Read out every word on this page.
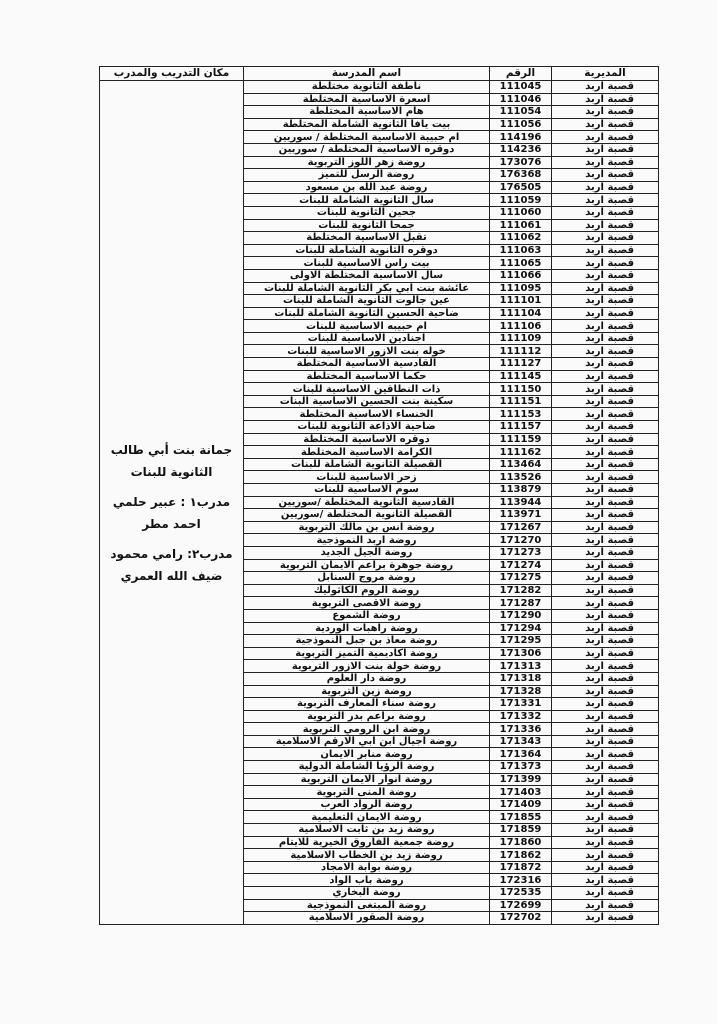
مكان التدريب والمدرب	اسم المدرسة	الرقم	المديرية

جمانة بنت أبي طالب الثانوية للبنات
مدرب١ : عبير حلمي احمد مطر
مدرب٢: رامي محمود ضيف الله العمري	ناطفة الثانوية مختلطة	111045	قصبة اربد
	اسعرة الاساسية المختلطة	111046	قصبة اربد
	هام الاساسية المختلطة	111054	قصبة اربد
	بيت يافا الثانوية الشاملة المختلطة	111056	قصبة اربد
	ام حبيبة الاساسية المختلطة / سوريين	114196	قصبة اربد
	دوقره الاساسية المختلطة / سوريين	114236	قصبة اربد
	روضة زهر اللوز التربوية	173076	قصبة اربد
	روضة الرسل للتميز	176368	قصبة اربد
	روضة عبد الله بن مسعود	176505	قصبة اربد
	سال الثانوية الشاملة للبنات	111059	قصبة اربد
	جحين الثانوية للبنات	111060	قصبة اربد
	جمحا الثانوية للبنات	111061	قصبة اربد
	تقبل الاساسية المختلطة	111062	قصبة اربد
	دوقره الثانوية الشاملة للبنات	111063	قصبة اربد
	بيت راس الاساسية للبنات	111065	قصبة اربد
	سال الاساسية المختلطة الاولى	111066	قصبة اربد
	عائشة بنت ابي بكر الثانوية الشاملة للبنات	111095	قصبة اربد
	عين جالوت الثانوية الشاملة للبنات	111101	قصبة اربد
	ضاحية الحسين الثانوية الشاملة للبنات	111104	قصبة اربد
	ام حبيبه الاساسية للبنات	111106	قصبة اربد
	اجنادين الاساسية للبنات	111109	قصبة اربد
	خوله بنت الازور الاساسية للبنات	111112	قصبة اربد
	القادسية الاساسية المختلطة	111127	قصبة اربد
	حكما الاساسية المختلطة	111145	قصبة اربد
	ذات النطاقين الاساسية للبنات	111150	قصبة اربد
	سكينة بنت الحسين الاساسية البنات	111151	قصبة اربد
	الخنساء الاساسية المختلطة	111153	قصبة اربد
	ضاحية الاذاعة الثانوية للبنات	111157	قصبة اربد
	دوقره الاساسية المختلطة	111159	قصبة اربد
	الكرامة الاساسية المختلطة	111162	قصبة اربد
	القصيلة الثانوية الشاملة للبنات	113464	قصبة اربد
	زحر الاساسية للبنات	113526	قصبة اربد
	سوم الاساسية للبنات	113879	قصبة اربد
	القادسية الثانوية المختلطة /سوريين	113944	قصبة اربد
	القصيلة الثانوية المختلطة /سوريين	113971	قصبة اربد
	روضة انس بن مالك التربوية	171267	قصبة اربد
	روضة اربد النموذجية	171270	قصبة اربد
	روضة الجيل الجديد	171273	قصبة اربد
	روضة جوهرة براعم الايمان التربوية	171274	قصبة اربد
	روضة مروج السنابل	171275	قصبة اربد
	روضة الروم الكاثوليك	171282	قصبة اربد
	روضة الاقصى التربوية	171287	قصبة اربد
	روضة الشموع	171290	قصبة اربد
	روضة راهبات الوردية	171294	قصبة اربد
	روضة معاذ بن جبل النموذجية	171295	قصبة اربد
	روضة اكاديمية التميز التربوية	171306	قصبة اربد
	روضة خولة بنت الازور التربوية	171313	قصبة اربد
	روضة دار العلوم	171318	قصبة اربد
	روضة زين التربوية	171328	قصبة اربد
	روضة سناء المعارف التربوية	171331	قصبة اربد
	روضة براعم بدر التربوية	171332	قصبة اربد
	روضة ابن الرومي التربوية	171336	قصبة اربد
	روضة اجيال ابن ابي الارقم الاسلامية	171343	قصبة اربد
	روضة منابر الايمان	171364	قصبة اربد
	روضة الرؤيا الشاملة الدولية	171373	قصبة اربد
	روضة انوار الايمان التربوية	171399	قصبة اربد
	روضة المنى التربوية	171403	قصبة اربد
	روضة الرواد العرب	171409	قصبة اربد
	روضة الايمان التعليمية	171855	قصبة اربد
	روضة زيد بن ثابت الاسلامية	171859	قصبة اربد
	روضة جمعية الفاروق الخيرية للايتام	171860	قصبة اربد
	روضة زيد بن الخطاب الاسلامية	171862	قصبة اربد
	روضة بوابة الامجاد	171872	قصبة اربد
	روضة باب الواد	172316	قصبة اربد
	روضة البخاري	172535	قصبة اربد
	روضة المبتغى النموذجية	172699	قصبة اربد
	روضة الصقور الاسلامية	172702	قصبة اربد
